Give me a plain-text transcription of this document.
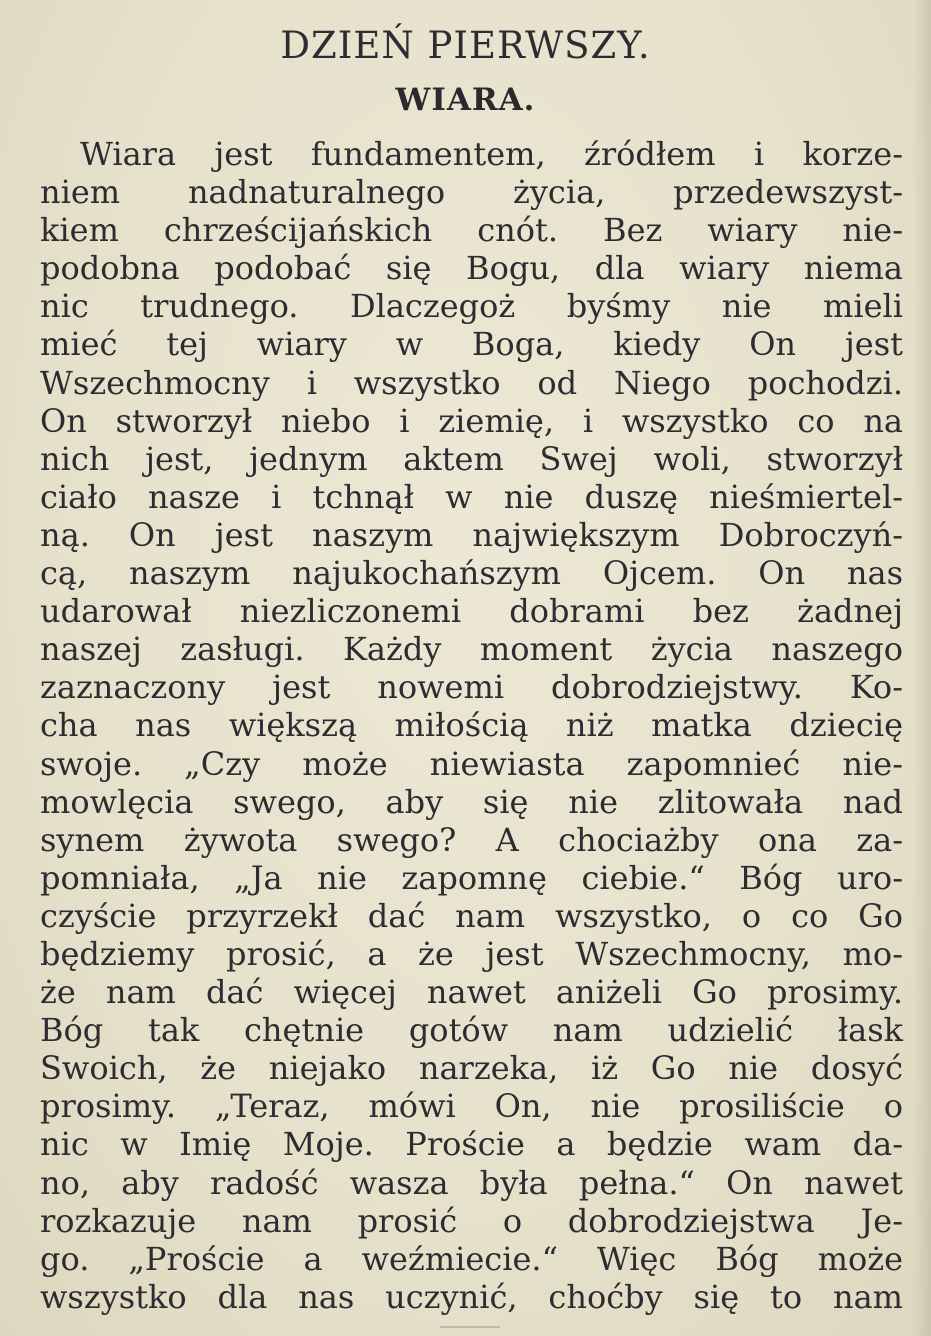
DZIEŃ PIERWSZY.
WIARA.
Wiara jest fundamentem, źródłem i korze-
niem nadnaturalnego życia, przedewszyst-
kiem chrześcijańskich cnót. Bez wiary nie-
podobna podobać się Bogu, dla wiary niema
nic trudnego. Dlaczegoż byśmy nie mieli
mieć tej wiary w Boga, kiedy On jest
Wszechmocny i wszystko od Niego pochodzi.
On stworzył niebo i ziemię, i wszystko co na
nich jest, jednym aktem Swej woli, stworzył
ciało nasze i tchnął w nie duszę nieśmiertel-
ną. On jest naszym największym Dobroczyń-
cą, naszym najukochańszym Ojcem. On nas
udarował niezliczonemi dobrami bez żadnej
naszej zasługi. Każdy moment życia naszego
zaznaczony jest nowemi dobrodziejstwy. Ko-
cha nas większą miłością niż matka dziecię
swoje. „Czy może niewiasta zapomnieć nie-
mowlęcia swego, aby się nie zlitowała nad
synem żywota swego? A chociażby ona za-
pomniała, „Ja nie zapomnę ciebie.“ Bóg uro-
czyście przyrzekł dać nam wszystko, o co Go
będziemy prosić, a że jest Wszechmocny, mo-
że nam dać więcej nawet aniżeli Go prosimy.
Bóg tak chętnie gotów nam udzielić łask
Swoich, że niejako narzeka, iż Go nie dosyć
prosimy. „Teraz, mówi On, nie prosiliście o
nic w Imię Moje. Proście a będzie wam da-
no, aby radość wasza była pełna.“ On nawet
rozkazuje nam prosić o dobrodziejstwa Je-
go. „Proście a weźmiecie.“ Więc Bóg może
wszystko dla nas uczynić, choćby się to nam
